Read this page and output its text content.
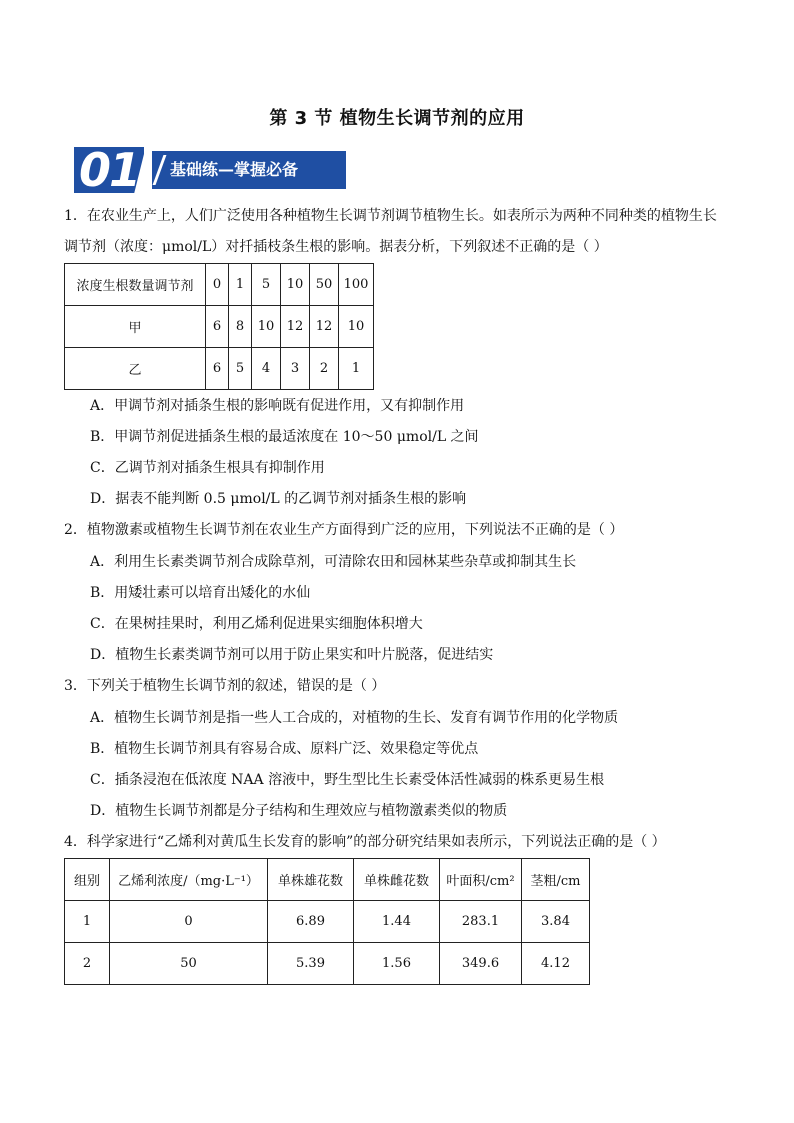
第 3 节 植物生长调节剂的应用
01	基础练—掌握必备
1．在农业生产上，人们广泛使用各种植物生长调节剂调节植物生长。如表所示为两种不同种类的植物生长
调节剂（浓度：μmol/L）对扦插枝条生根的影响。据表分析，下列叙述不正确的是（ ）
浓度生根数量调节剂	0	1	5	10	50	100
甲	6	8	10	12	12	10
乙	6	5	4	3	2	1
A．甲调节剂对插条生根的影响既有促进作用，又有抑制作用
B．甲调节剂促进插条生根的最适浓度在 10～50 μmol/L 之间
C．乙调节剂对插条生根具有抑制作用
D．据表不能判断 0.5 μmol/L 的乙调节剂对插条生根的影响
2．植物激素或植物生长调节剂在农业生产方面得到广泛的应用，下列说法不正确的是（ ）
A．利用生长素类调节剂合成除草剂，可清除农田和园林某些杂草或抑制其生长
B．用矮壮素可以培育出矮化的水仙
C．在果树挂果时，利用乙烯利促进果实细胞体积增大
D．植物生长素类调节剂可以用于防止果实和叶片脱落，促进结实
3．下列关于植物生长调节剂的叙述，错误的是（ ）
A．植物生长调节剂是指一些人工合成的，对植物的生长、发育有调节作用的化学物质
B．植物生长调节剂具有容易合成、原料广泛、效果稳定等优点
C．插条浸泡在低浓度 NAA 溶液中，野生型比生长素受体活性减弱的株系更易生根
D．植物生长调节剂都是分子结构和生理效应与植物激素类似的物质
4．科学家进行“乙烯利对黄瓜生长发育的影响”的部分研究结果如表所示，下列说法正确的是（ ）
组别	乙烯利浓度/（mg·L⁻¹）	单株雄花数	单株雌花数	叶面积/cm²	茎粗/cm
1	0	6.89	1.44	283.1	3.84
2	50	5.39	1.56	349.6	4.12
